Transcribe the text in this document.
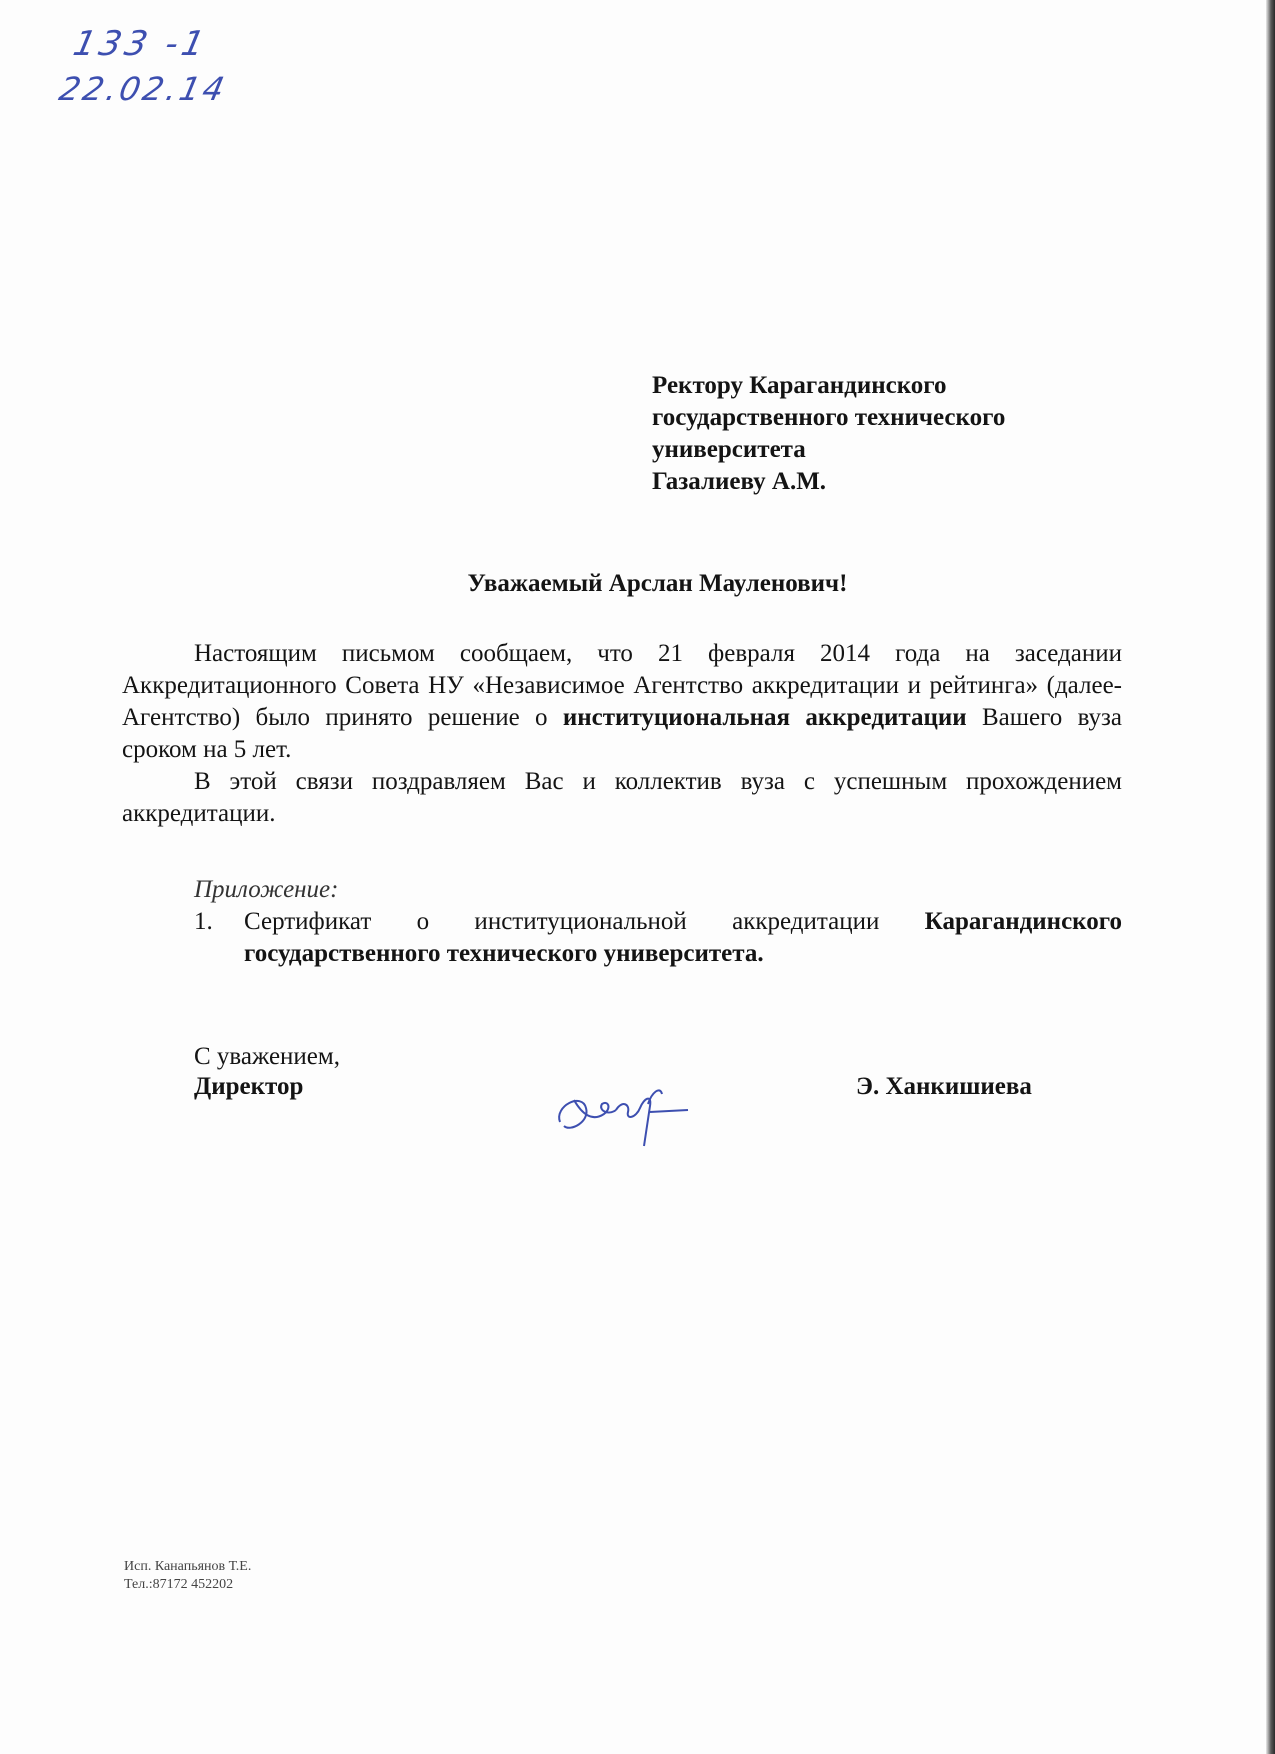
133 -1
22.02.14
Ректору Карагандинского
государственного технического
университета
Газалиеву А.М.
Уважаемый Арслан Мауленович!

Настоящим письмом сообщаем, что 21 февраля 2014 года на заседании Аккредитационного Совета НУ «Независимое Агентство аккредитации и рейтинга» (далее-Агентство) было принято решение о институциональная аккредитации Вашего вуза сроком на 5 лет.

В этой связи поздравляем Вас и коллектив вуза с успешным прохождением аккредитации.

Приложение:
1. Сертификат о институциональной аккредитации Карагандинского государственного технического университета.
С уважением,
Директор	Э. Ханкишиева
Исп. Канапьянов Т.Е.
Тел.:87172 452202
